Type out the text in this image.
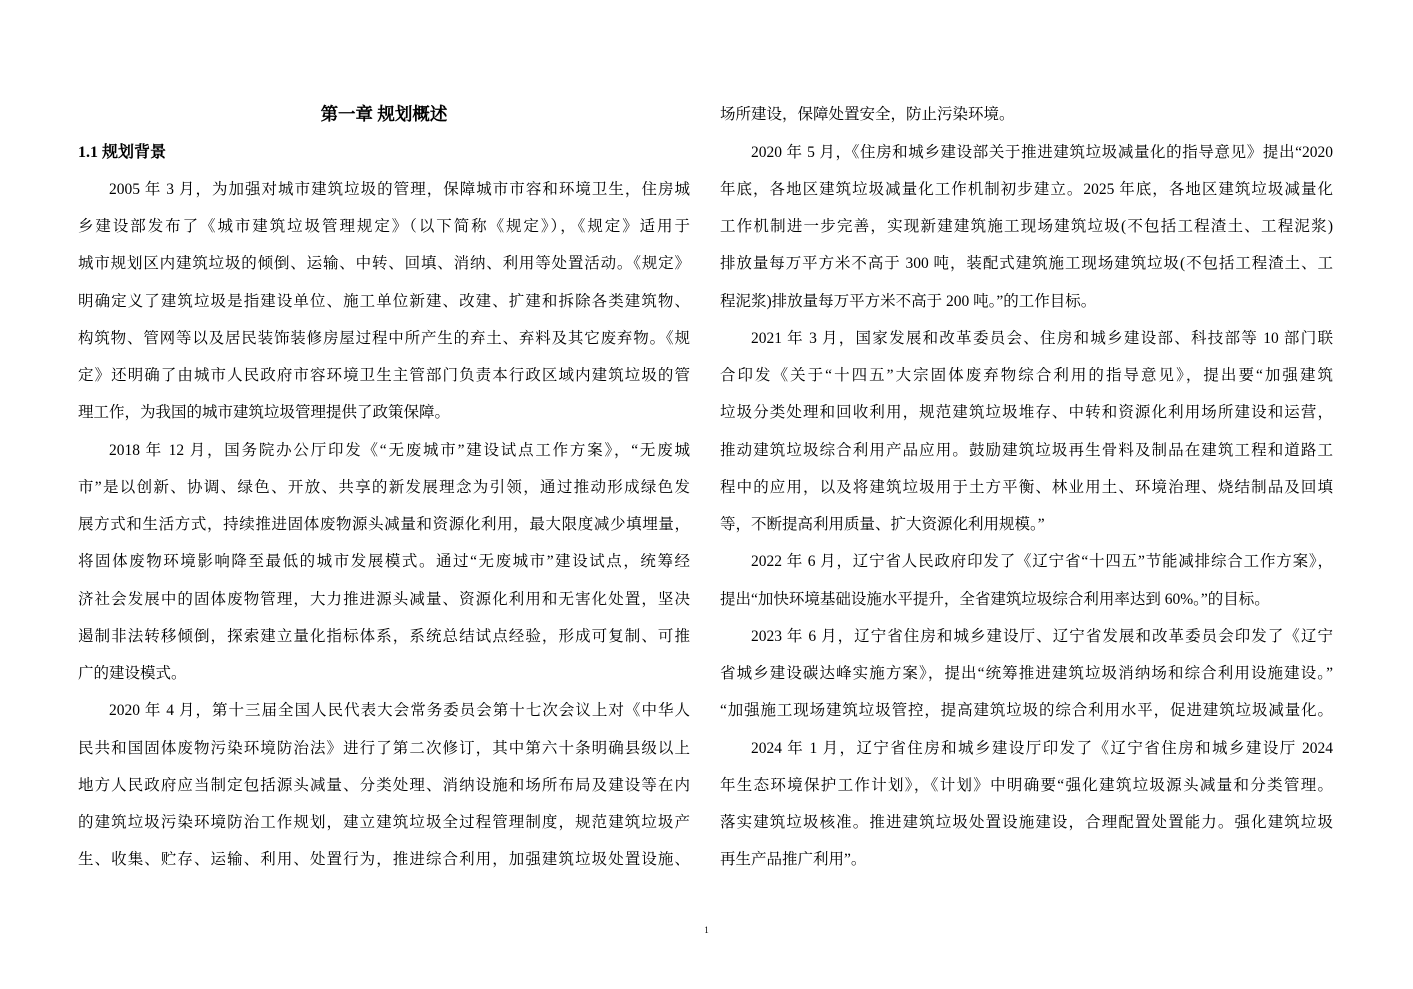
第一章 规划概述
1.1 规划背景
2005 年 3 月，为加强对城市建筑垃圾的管理，保障城市市容和环境卫生，住房城
乡建设部发布了《城市建筑垃圾管理规定》（以下简称《规定》），《规定》适用于
城市规划区内建筑垃圾的倾倒、运输、中转、回填、消纳、利用等处置活动。《规定》
明确定义了建筑垃圾是指建设单位、施工单位新建、改建、扩建和拆除各类建筑物、
构筑物、管网等以及居民装饰装修房屋过程中所产生的弃土、弃料及其它废弃物。《规
定》还明确了由城市人民政府市容环境卫生主管部门负责本行政区域内建筑垃圾的管
理工作，为我国的城市建筑垃圾管理提供了政策保障。
2018 年 12 月，国务院办公厅印发《“无废城市”建设试点工作方案》，“无废城
市”是以创新、协调、绿色、开放、共享的新发展理念为引领，通过推动形成绿色发
展方式和生活方式，持续推进固体废物源头减量和资源化利用，最大限度减少填埋量，
将固体废物环境影响降至最低的城市发展模式。通过“无废城市”建设试点，统筹经
济社会发展中的固体废物管理，大力推进源头减量、资源化利用和无害化处置，坚决
遏制非法转移倾倒，探索建立量化指标体系，系统总结试点经验，形成可复制、可推
广的建设模式。
2020 年 4 月，第十三届全国人民代表大会常务委员会第十七次会议上对《中华人
民共和国固体废物污染环境防治法》进行了第二次修订，其中第六十条明确县级以上
地方人民政府应当制定包括源头减量、分类处理、消纳设施和场所布局及建设等在内
的建筑垃圾污染环境防治工作规划，建立建筑垃圾全过程管理制度，规范建筑垃圾产
生、收集、贮存、运输、利用、处置行为，推进综合利用，加强建筑垃圾处置设施、
场所建设，保障处置安全，防止污染环境。
2020 年 5 月，《住房和城乡建设部关于推进建筑垃圾减量化的指导意见》提出“2020
年底，各地区建筑垃圾减量化工作机制初步建立。2025 年底，各地区建筑垃圾减量化
工作机制进一步完善，实现新建建筑施工现场建筑垃圾(不包括工程渣土、工程泥浆)
排放量每万平方米不高于 300 吨，装配式建筑施工现场建筑垃圾(不包括工程渣土、工
程泥浆)排放量每万平方米不高于 200 吨。”的工作目标。
2021 年 3 月，国家发展和改革委员会、住房和城乡建设部、科技部等 10 部门联
合印发《关于“十四五”大宗固体废弃物综合利用的指导意见》，提出要“加强建筑
垃圾分类处理和回收利用，规范建筑垃圾堆存、中转和资源化利用场所建设和运营，
推动建筑垃圾综合利用产品应用。鼓励建筑垃圾再生骨料及制品在建筑工程和道路工
程中的应用，以及将建筑垃圾用于土方平衡、林业用土、环境治理、烧结制品及回填
等，不断提高利用质量、扩大资源化利用规模。”
2022 年 6 月，辽宁省人民政府印发了《辽宁省“十四五”节能减排综合工作方案》，
提出“加快环境基础设施水平提升，全省建筑垃圾综合利用率达到 60%。”的目标。
2023 年 6 月，辽宁省住房和城乡建设厅、辽宁省发展和改革委员会印发了《辽宁
省城乡建设碳达峰实施方案》，提出“统筹推进建筑垃圾消纳场和综合利用设施建设。”
“加强施工现场建筑垃圾管控，提高建筑垃圾的综合利用水平，促进建筑垃圾减量化。
2024 年 1 月，辽宁省住房和城乡建设厅印发了《辽宁省住房和城乡建设厅 2024
年生态环境保护工作计划》，《计划》中明确要“强化建筑垃圾源头减量和分类管理。
落实建筑垃圾核准。推进建筑垃圾处置设施建设，合理配置处置能力。强化建筑垃圾
再生产品推广利用”。
1
